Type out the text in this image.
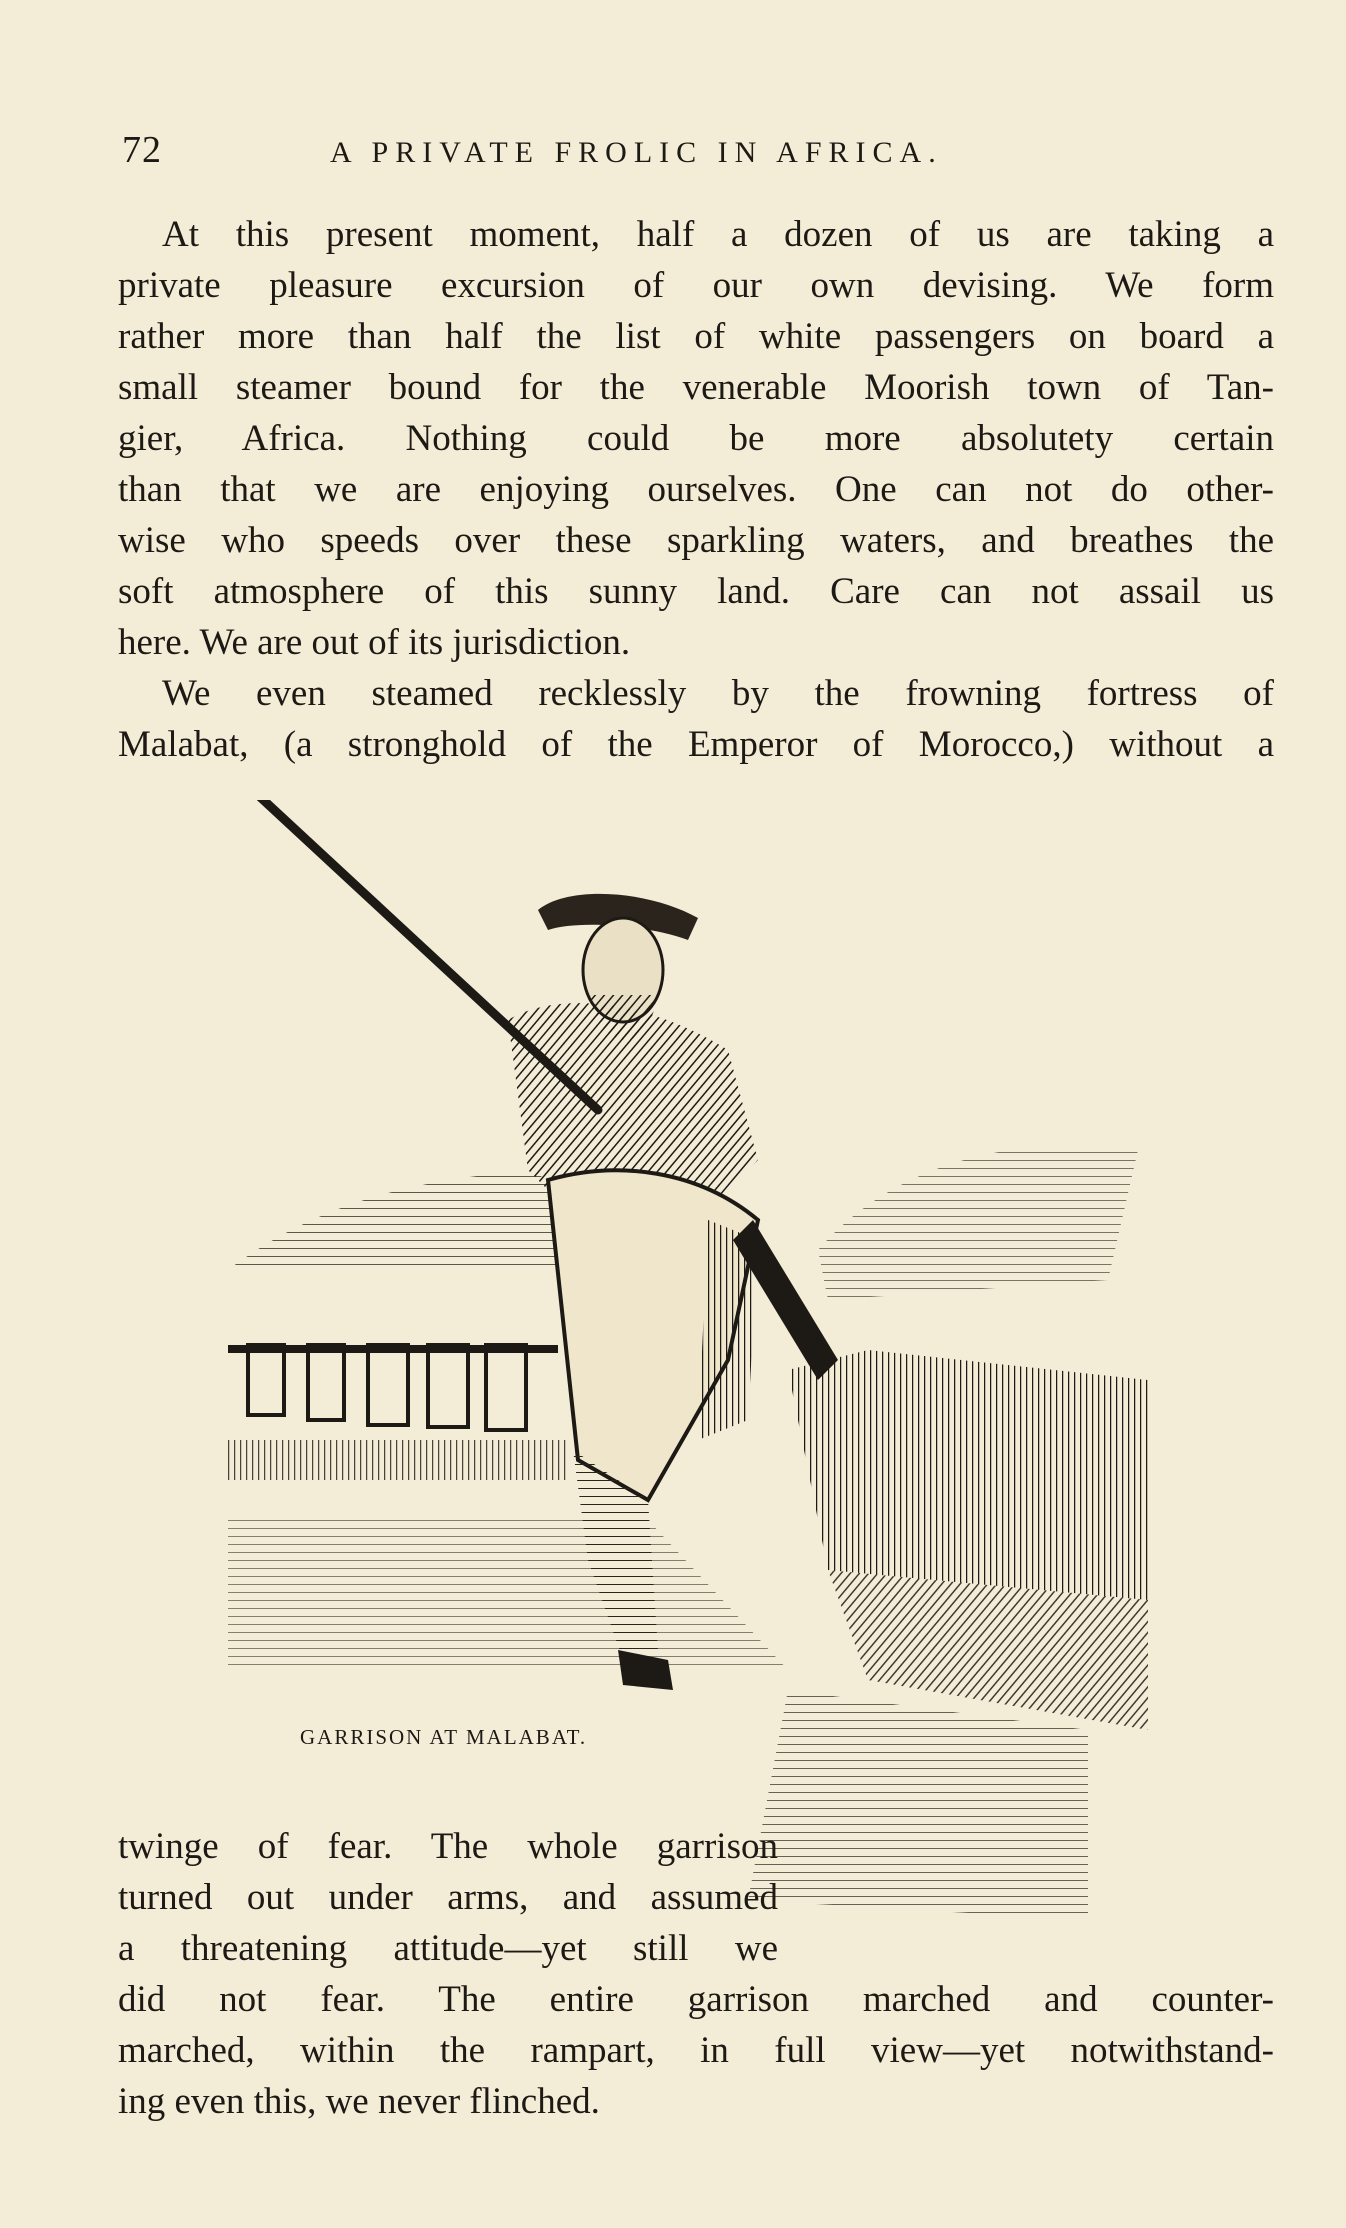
72	A PRIVATE FROLIC IN AFRICA.
At this present moment, half a dozen of us are taking a
private pleasure excursion of our own devising. We form
rather more than half the list of white passengers on board a
small steamer bound for the venerable Moorish town of Tan-
gier, Africa. Nothing could be more absolutety certain
than that we are enjoying ourselves. One can not do other-
wise who speeds over these sparkling waters, and breathes the
soft atmosphere of this sunny land. Care can not assail us
here. We are out of its jurisdiction.
We even steamed recklessly by the frowning fortress of
Malabat, (a stronghold of the Emperor of Morocco,) without a
GARRISON AT MALABAT.
twinge of fear. The whole garrison
turned out under arms, and assumed
a threatening attitude—yet still we
did not fear. The entire garrison marched and counter-
marched, within the rampart, in full view—yet notwithstand-
ing even this, we never flinched.
